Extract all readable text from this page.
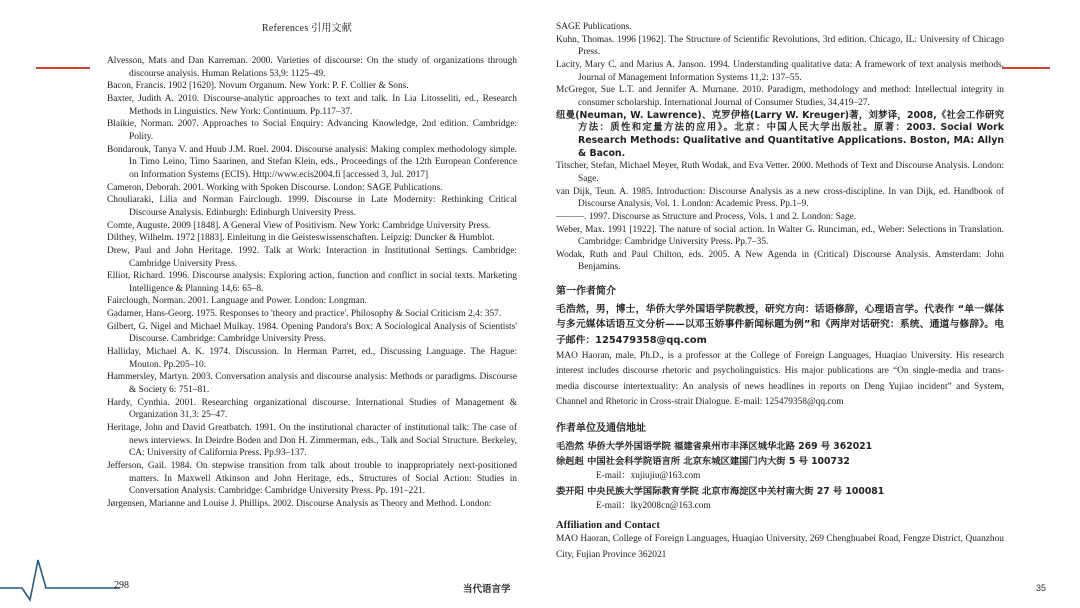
References 引用文献

Alvesson, Mats and Dan Karreman. 2000. Varieties of discourse: On the study of organizations through discourse analysis. Human Relations 53,9: 1125–49.

Bacon, Francis. 1902 [1620]. Novum Organum. New York: P. F. Collier & Sons.

Baxter, Judith A. 2010. Discourse-analytic approaches to text and talk. In Lia Litosseliti, ed., Research Methods in Linguistics. New York: Continuum. Pp.117–37.

Blaikie, Norman. 2007. Approaches to Social Enquiry: Advancing Knowledge, 2nd edition. Cambridge: Polity.

Bondarouk, Tanya V. and Huub J.M. Ruel. 2004. Discourse analysis: Making complex methodology simple. In Timo Leino, Timo Saarinen, and Stefan Klein, eds., Proceedings of the 12th European Conference on Information Systems (ECIS). Http://www.ecis2004.fi [accessed 3, Jul. 2017]

Cameron, Deborah. 2001. Working with Spoken Discourse. London: SAGE Publications.

Chouliaraki, Lilia and Norman Fairclough. 1999. Discourse in Late Modernity: Rethinking Critical Discourse Analysis. Edinburgh: Edinburgh University Press.

Comte, Auguste. 2009 [1848]. A General View of Positivism. New York: Cambridge University Press.

Dilthey, Wilhelm. 1972 [1883]. Einleitung in die Geisteswissenschaften. Leipzig: Duncker & Humblot.

Drew, Paul and John Heritage. 1992. Talk at Work: Interaction in Institutional Settings. Cambridge: Cambridge University Press.

Elliot, Richard. 1996. Discourse analysis: Exploring action, function and conflict in social texts. Marketing Intelligence & Planning 14,6: 65–8.

Fairclough, Norman. 2001. Language and Power. London: Longman.

Gadamer, Hans-Georg. 1975. Responses to 'theory and practice'. Philosophy & Social Criticism 2,4: 357.

Gilbert, G. Nigel and Michael Mulkay. 1984. Opening Pandora's Box: A Sociological Analysis of Scientists' Discourse. Cambridge: Cambridge University Press.

Halliday, Michael A. K. 1974. Discussion. In Herman Parret, ed., Discussing Language. The Hague: Mouton. Pp.205–10.

Hammersley, Martyn. 2003. Conversation analysis and discourse analysis: Methods or paradigms. Discourse & Society 6: 751–81.

Hardy, Cynthia. 2001. Researching organizational discourse. International Studies of Management & Organization 31,3: 25–47.

Heritage, John and David Greatbatch. 1991. On the institutional character of institutional talk: The case of news interviews. In Deirdre Boden and Don H. Zimmerman, eds., Talk and Social Structure. Berkeley, CA: University of California Press. Pp.93–137.

Jefferson, Gail. 1984. On stepwise transition from talk about trouble to inappropriately next-positioned matters. In Maxwell Atkinson and John Heritage, eds., Structures of Social Action: Studies in Conversation Analysis. Cambridge: Cambridge University Press. Pp. 191–221.

Jørgensen, Marianne and Louise J. Phillips. 2002. Discourse Analysis as Theory and Method. London:

298	当代语言学

SAGE Publications.

Kuhn, Thomas. 1996 [1962]. The Structure of Scientific Revolutions, 3rd edition. Chicago, IL: University of Chicago Press.

Lacity, Mary C. and Marius A. Janson. 1994. Understanding qualitative data: A framework of text analysis methods. Journal of Management Information Systems 11,2: 137–55.

McGregor, Sue L.T. and Jennifer A. Murnane. 2010. Paradigm, methodology and method: Intellectual integrity in consumer scholarship. International Journal of Consumer Studies, 34,419–27.

纽曼(Neuman, W. Lawrence)、克罗伊格(Larry W. Kreuger)著，刘梦译，2008,《社会工作研究方法：质性和定量方法的应用》。北京：中国人民大学出版社。原著：2003. Social Work Research Methods: Qualitative and Quantitative Applications. Boston, MA: Allyn & Bacon.

Titscher, Stefan, Michael Meyer, Ruth Wodak, and Eva Vetter. 2000. Methods of Text and Discourse Analysis. London: Sage.

van Dijk, Teun. A. 1985. Introduction: Discourse Analysis as a new cross-discipline. In van Dijk, ed. Handbook of Discourse Analysis, Vol. 1. London: Academic Press. Pp.1–9.

———. 1997. Discourse as Structure and Process, Vols. 1 and 2. London: Sage.

Weber, Max. 1991 [1922]. The nature of social action. In Walter G. Runciman, ed., Weber: Selections in Translation. Cambridge: Cambridge University Press. Pp.7–35.

Wodak, Ruth and Paul Chilton, eds. 2005. A New Agenda in (Critical) Discourse Analysis. Amsterdam: John Benjamins.

第一作者简介

毛浩然，男，博士，华侨大学外国语学院教授，研究方向：话语修辞，心理语言学。代表作 “单一媒体与多元媒体话语互文分析——以邓玉娇事件新闻标题为例”和《两岸对话研究：系统、通道与修辞》。电子邮件：125479358@qq.com

MAO Haoran, male, Ph.D., is a professor at the College of Foreign Languages, Huaqiao University. His research interest includes discourse rhetoric and psycholinguistics. His major publications are “On single-media and trans-media discourse intertextuality: An analysis of news headlines in reports on Deng Yujiao incident” and System, Channel and Rhetoric in Cross-strait Dialogue. E-mail: 125479358@qq.com

作者单位及通信地址
毛浩然 华侨大学外国语学院 福建省泉州市丰泽区城华北路 269 号 362021
徐赳赳 中国社会科学院语言所 北京东城区建国门内大街 5 号 100732
E-mail：xujiujiu@163.com
娄开阳 中央民族大学国际教育学院 北京市海淀区中关村南大街 27 号 100081
E-mail：lky2008cn@163.com
Affiliation and Contact

MAO Haoran, College of Foreign Languages, Huaqiao University, 269 Chenghuabei Road, Fengze District, Quanzhou City, Fujian Province 362021

35
